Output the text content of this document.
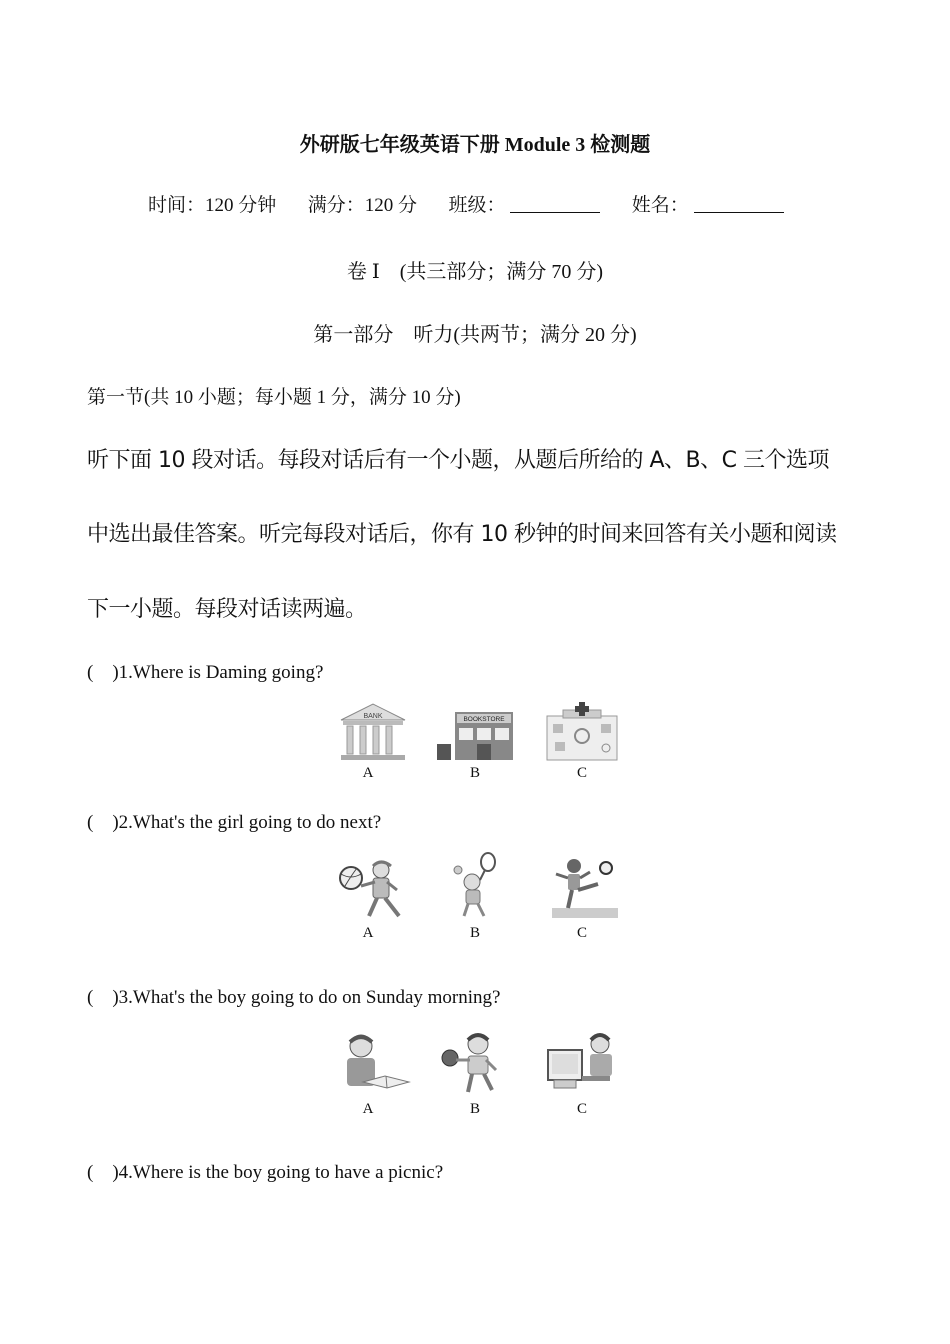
外研版七年级英语下册 Module 3 检测题
时间：120 分钟 满分：120 分 班级：	姓名：
卷 Ⅰ　(共三部分；满分 70 分)
第一部分　听力(共两节；满分 20 分)
第一节(共 10 小题；每小题 1 分，满分 10 分)
听下面 10 段对话。每段对话后有一个小题，从题后所给的 A、B、C 三个选项
中选出最佳答案。听完每段对话后，你有 10 秒钟的时间来回答有关小题和阅读
下一小题。每段对话读两遍。
(　)1.Where is Daming going?
BANK
A
BOOKSTORE
B	C
(　)2.What's the girl going to do next?
A	B	C
(　)3.What's the boy going to do on Sunday morning?
A	B	C
(　)4.Where is the boy going to have a picnic?
